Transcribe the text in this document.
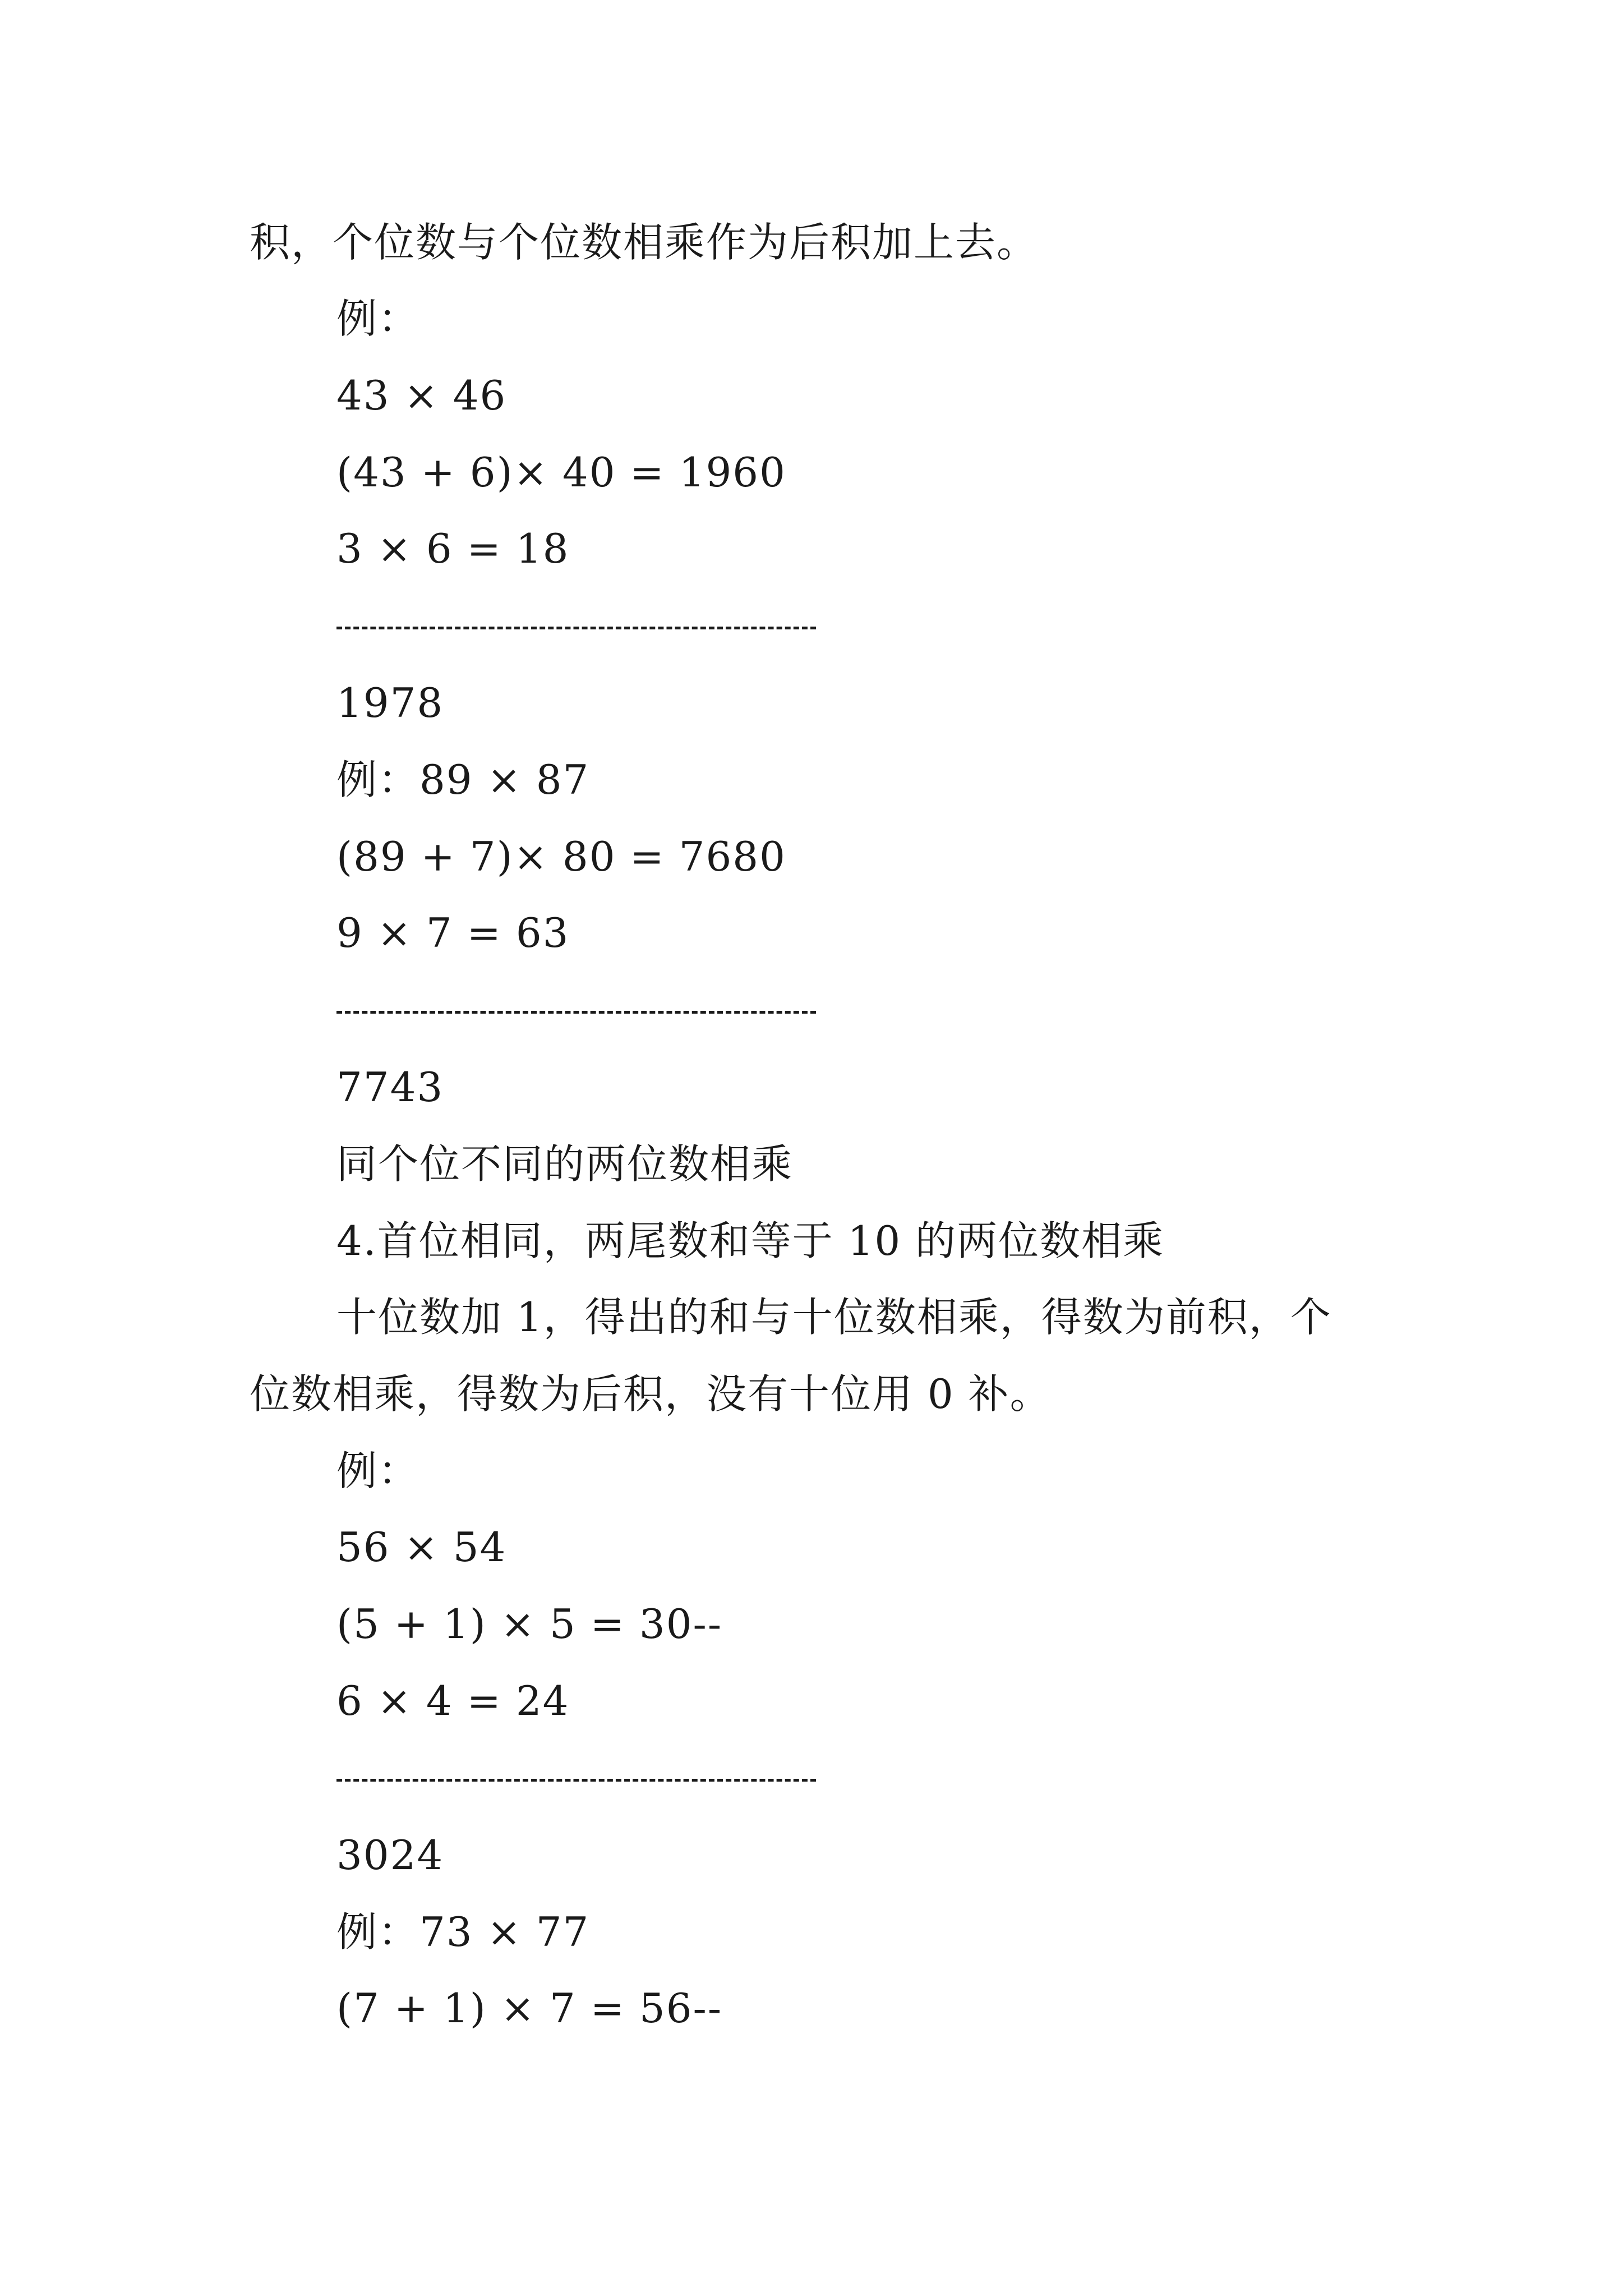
积，个位数与个位数相乘作为后积加上去。

例：

43 × 46

(43 + 6)× 40 = 1960

3 × 6 = 18

1978

例：89 × 87

(89 + 7)× 80 = 7680

9 × 7 = 63

7743

同个位不同的两位数相乘

4.首位相同，两尾数和等于 10 的两位数相乘

十位数加 1，得出的和与十位数相乘，得数为前积，个

位数相乘，得数为后积，没有十位用 0 补。

例：

56 × 54

(5 + 1) × 5 = 30--

6 × 4 = 24

3024

例：73 × 77

(7 + 1) × 7 = 56--
